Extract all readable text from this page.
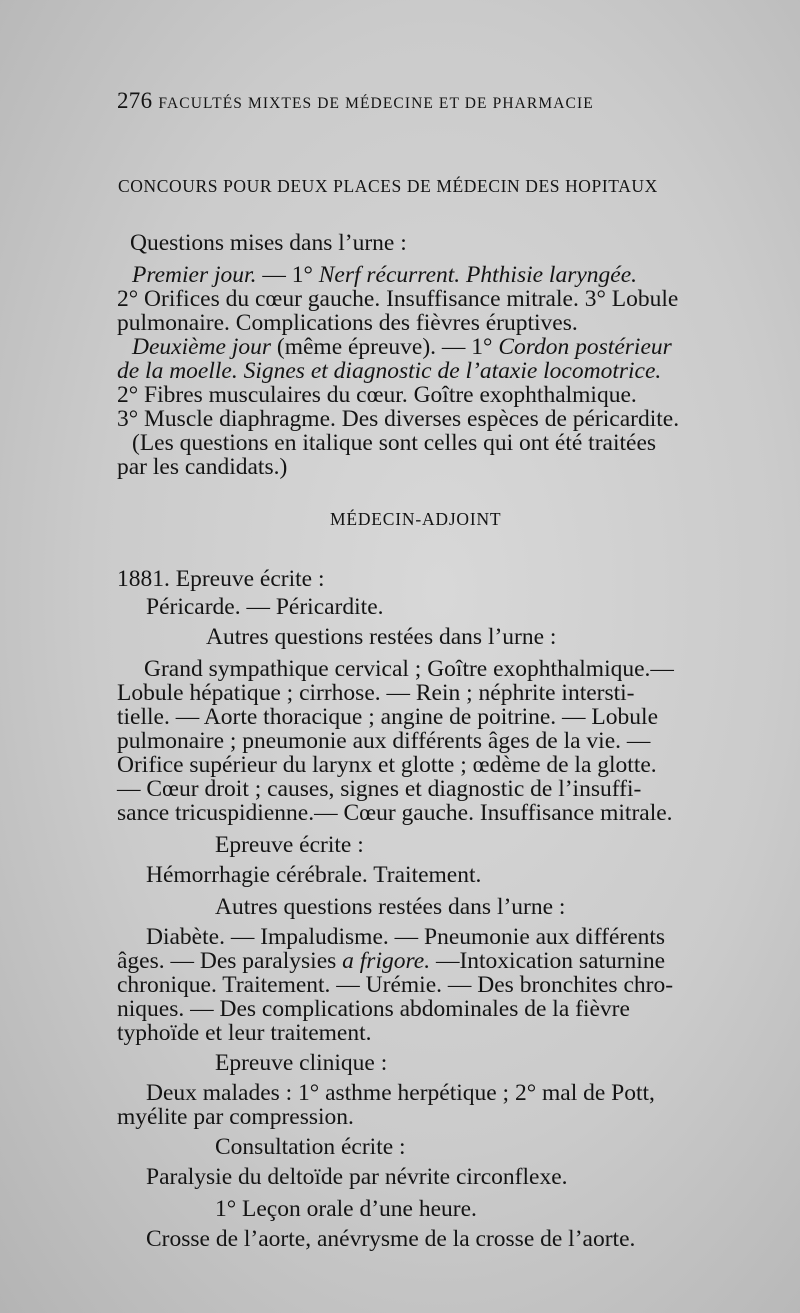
276 FACULTÉS MIXTES DE MÉDECINE ET DE PHARMACIE
CONCOURS POUR DEUX PLACES DE MÉDECIN DES HOPITAUX
Questions mises dans l’urne :
Premier jour. — 1° Nerf récurrent. Phthisie laryngée.
2° Orifices du cœur gauche. Insuffisance mitrale. 3° Lobule
pulmonaire. Complications des fièvres éruptives.
Deuxième jour (même épreuve). — 1° Cordon postérieur
de la moelle. Signes et diagnostic de l’ataxie locomotrice.
2° Fibres musculaires du cœur. Goître exophthalmique.
3° Muscle diaphragme. Des diverses espèces de péricardite.
(Les questions en italique sont celles qui ont été traitées
par les candidats.)
MÉDECIN-ADJOINT
1881. Epreuve écrite :
Péricarde. — Péricardite.
Autres questions restées dans l’urne :
Grand sympathique cervical ; Goître exophthalmique.—
Lobule hépatique ; cirrhose. — Rein ; néphrite intersti-
tielle. — Aorte thoracique ; angine de poitrine. — Lobule
pulmonaire ; pneumonie aux différents âges de la vie. —
Orifice supérieur du larynx et glotte ; œdème de la glotte.
— Cœur droit ; causes, signes et diagnostic de l’insuffi-
sance tricuspidienne.— Cœur gauche. Insuffisance mitrale.
Epreuve écrite :
Hémorrhagie cérébrale. Traitement.
Autres questions restées dans l’urne :
Diabète. — Impaludisme. — Pneumonie aux différents
âges. — Des paralysies a frigore. —Intoxication saturnine
chronique. Traitement. — Urémie. — Des bronchites chro-
niques. — Des complications abdominales de la fièvre
typhoïde et leur traitement.
Epreuve clinique :
Deux malades : 1° asthme herpétique ; 2° mal de Pott,
myélite par compression.
Consultation écrite :
Paralysie du deltoïde par névrite circonflexe.
1° Leçon orale d’une heure.
Crosse de l’aorte, anévrysme de la crosse de l’aorte.
